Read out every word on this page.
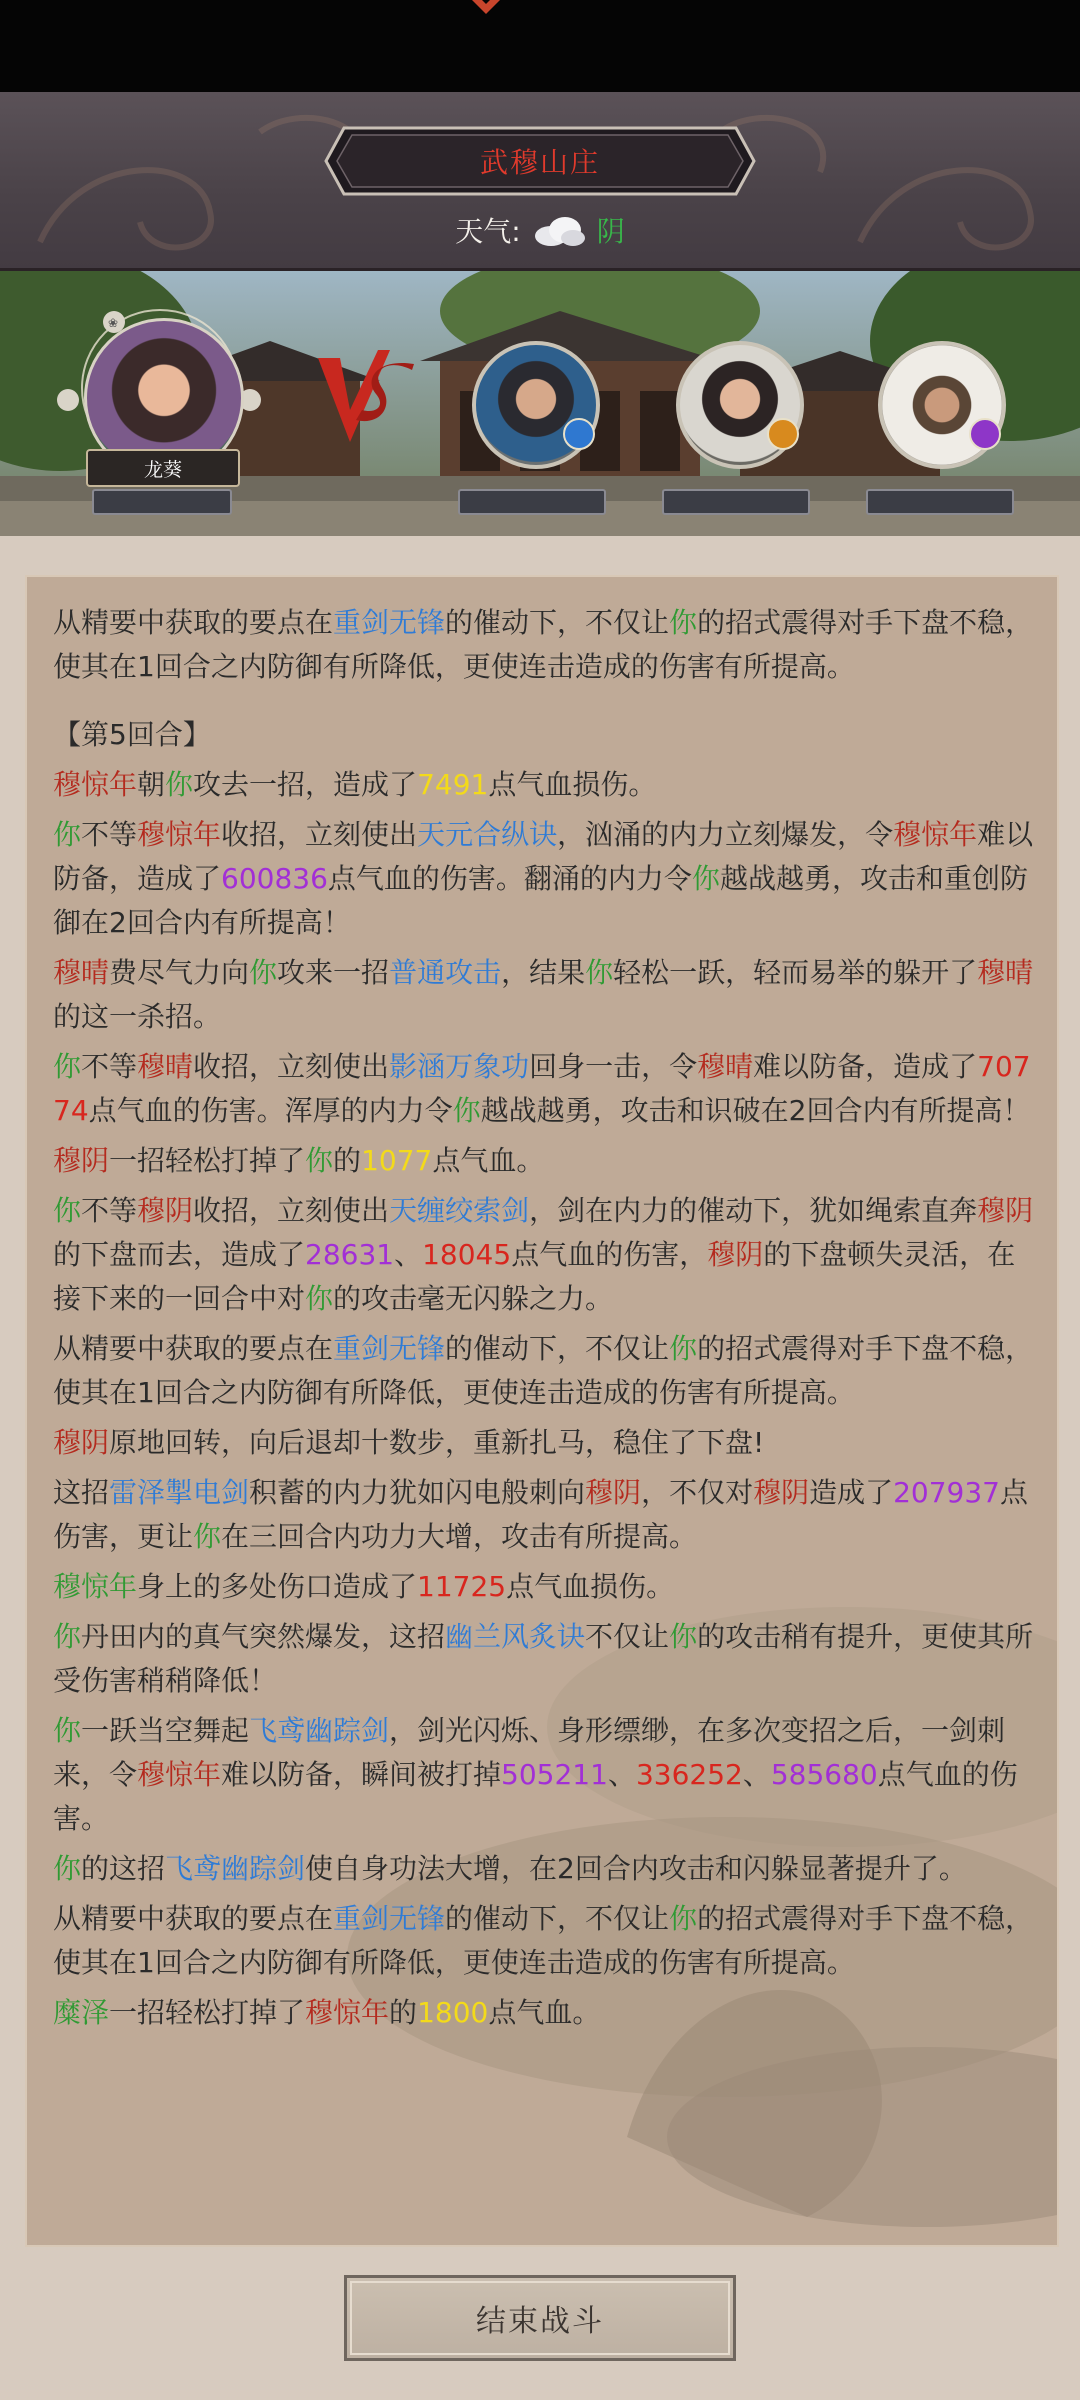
武穆山庄
天气:	阴
❀
龙葵

从精要中获取的要点在重剑无锋的催动下，不仅让你的招式震得对手下盘不稳，使其在1回合之内防御有所降低，更使连击造成的伤害有所提高。

【第5回合】

穆惊年朝你攻去一招，造成了7491点气血损伤。

你不等穆惊年收招，立刻使出天元合纵诀，汹涌的内力立刻爆发，令穆惊年难以防备，造成了600836点气血的伤害。翻涌的内力令你越战越勇，攻击和重创防御在2回合内有所提高！

穆晴费尽气力向你攻来一招普通攻击，结果你轻松一跃，轻而易举的躲开了穆晴的这一杀招。

你不等穆晴收招，立刻使出影涵万象功回身一击，令穆晴难以防备，造成了70774点气血的伤害。浑厚的内力令你越战越勇，攻击和识破在2回合内有所提高！

穆阴一招轻松打掉了你的1077点气血。

你不等穆阴收招，立刻使出天缠绞索剑，剑在内力的催动下，犹如绳索直奔穆阴的下盘而去，造成了28631、18045点气血的伤害，穆阴的下盘顿失灵活，在接下来的一回合中对你的攻击毫无闪躲之力。

从精要中获取的要点在重剑无锋的催动下，不仅让你的招式震得对手下盘不稳，使其在1回合之内防御有所降低，更使连击造成的伤害有所提高。

穆阴原地回转，向后退却十数步，重新扎马，稳住了下盘!

这招雷泽掣电剑积蓄的内力犹如闪电般刺向穆阴，不仅对穆阴造成了207937点伤害，更让你在三回合内功力大增，攻击有所提高。

穆惊年身上的多处伤口造成了11725点气血损伤。

你丹田内的真气突然爆发，这招幽兰风炙诀不仅让你的攻击稍有提升，更使其所受伤害稍稍降低！

你一跃当空舞起飞鸢幽踪剑，剑光闪烁、身形缥缈，在多次变招之后，一剑刺来，令穆惊年难以防备，瞬间被打掉505211、336252、585680点气血的伤害。

你的这招飞鸢幽踪剑使自身功法大增，在2回合内攻击和闪躲显著提升了。

从精要中获取的要点在重剑无锋的催动下，不仅让你的招式震得对手下盘不稳，使其在1回合之内防御有所降低，更使连击造成的伤害有所提高。

糜泽一招轻松打掉了穆惊年的1800点气血。

结束战斗
